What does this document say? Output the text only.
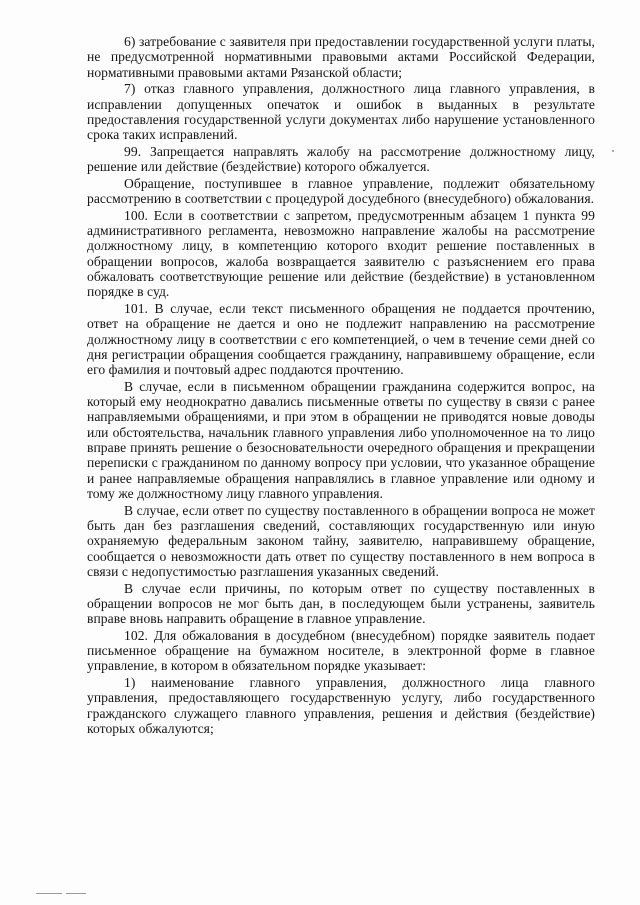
6) затребование с заявителя при предоставлении государственной услуги платы, не предусмотренной нормативными правовыми актами Российской Федерации, нормативными правовыми актами Рязанской области;

7) отказ главного управления, должностного лица главного управления, в исправлении допущенных опечаток и ошибок в выданных в результате предоставления государственной услуги документах либо нарушение установленного срока таких исправлений.

99. Запрещается направлять жалобу на рассмотрение должностному лицу, решение или действие (бездействие) которого обжалуется.

Обращение, поступившее в главное управление, подлежит обязательному рассмотрению в соответствии с процедурой досудебного (внесудебного) обжалования.

100. Если в соответствии с запретом, предусмотренным абзацем 1 пункта 99 административного регламента, невозможно направление жалобы на рассмотрение должностному лицу, в компетенцию которого входит решение поставленных в обращении вопросов, жалоба возвращается заявителю с разъяснением его права обжаловать соответствующие решение или действие (бездействие) в установленном порядке в суд.

101. В случае, если текст письменного обращения не поддается прочтению, ответ на обращение не дается и оно не подлежит направлению на рассмотрение должностному лицу в соответствии с его компетенцией, о чем в течение семи дней со дня регистрации обращения сообщается гражданину, направившему обращение, если его фамилия и почтовый адрес поддаются прочтению.

В случае, если в письменном обращении гражданина содержится вопрос, на который ему неоднократно давались письменные ответы по существу в связи с ранее направляемыми обращениями, и при этом в обращении не приводятся новые доводы или обстоятельства, начальник главного управления либо уполномоченное на то лицо вправе принять решение о безосновательности очередного обращения и прекращении переписки с гражданином по данному вопросу при условии, что указанное обращение и ранее направляемые обращения направлялись в главное управление или одному и тому же должностному лицу главного управления.

В случае, если ответ по существу поставленного в обращении вопроса не может быть дан без разглашения сведений, составляющих государственную или иную охраняемую федеральным законом тайну, заявителю, направившему обращение, сообщается о невозможности дать ответ по существу поставленного в нем вопроса в связи с недопустимостью разглашения указанных сведений.

В случае если причины, по которым ответ по существу поставленных в обращении вопросов не мог быть дан, в последующем были устранены, заявитель вправе вновь направить обращение в главное управление.

102. Для обжалования в досудебном (внесудебном) порядке заявитель подает письменное обращение на бумажном носителе, в электронной форме в главное управление, в котором в обязательном порядке указывает:

1) наименование главного управления, должностного лица главного управления, предоставляющего государственную услугу, либо государственного гражданского служащего главного управления, решения и действия (бездействие) которых обжалуются;
